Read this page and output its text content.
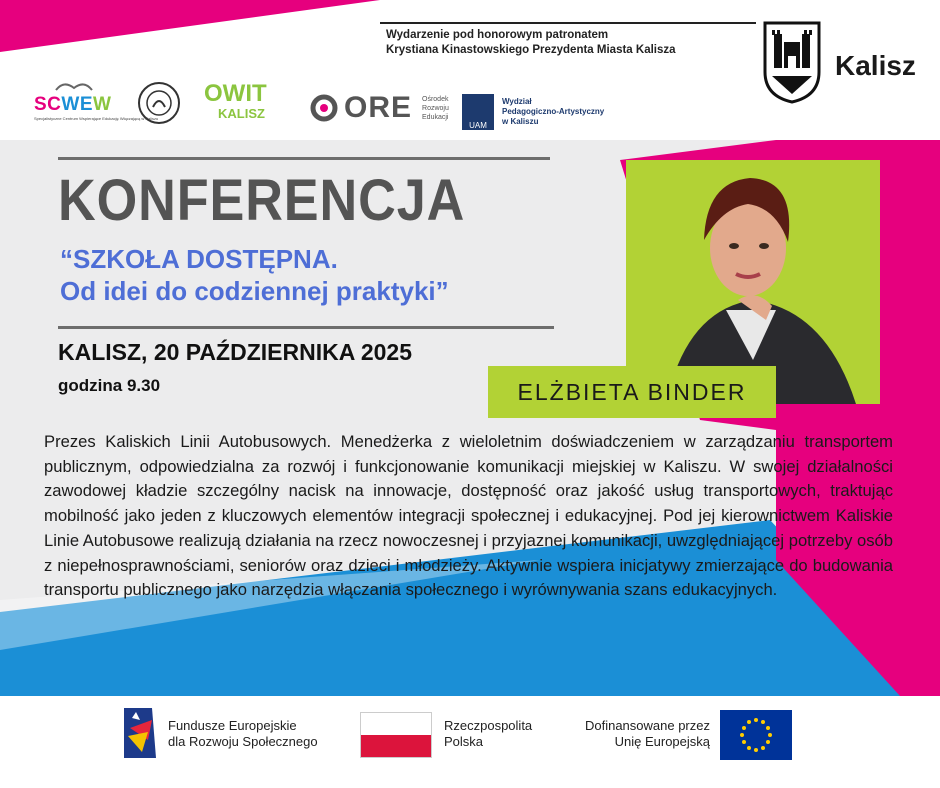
Wydarzenie pod honorowym patronatem
Krystiana Kinastowskiego Prezydenta Miasta Kalisza	Kalisz
SCWEW
Specjalistyczne Centrum Wspierające Edukację Włączającą w Kaliszu
OWIT
KALISZ	ORE Ośrodek
Rozwoju
Edukacji
UAM
Wydział
Pedagogiczno-Artystyczny
w Kaliszu
KONFERENCJA
“SZKOŁA DOSTĘPNA.
Od idei do codziennej praktyki”
KALISZ, 20 PAŹDZIERNIKA 2025
godzina 9.30	ELŻBIETA BINDER
Prezes Kaliskich Linii Autobusowych. Menedżerka z wieloletnim doświadczeniem w zarządzaniu transportem publicznym, odpowiedzialna za rozwój i funkcjonowanie komunikacji miejskiej w Kaliszu. W swojej działalności zawodowej kładzie szczególny nacisk na innowacje, dostępność oraz jakość usług transportowych, traktując mobilność jako jeden z kluczowych elementów integracji społecznej i edukacyjnej. Pod jej kierownictwem Kaliskie Linie Autobusowe realizują działania na rzecz nowoczesnej i przyjaznej komunikacji, uwzględniającej potrzeby osób z niepełnosprawnościami, seniorów oraz dzieci i młodzieży. Aktywnie wspiera inicjatywy zmierzające do budowania transportu publicznego jako narzędzia włączania społecznego i wyrównywania szans edukacyjnych.
Fundusze Europejskie
dla Rozwoju Społecznego
Rzeczpospolita
Polska
Dofinansowane przez
Unię Europejską
